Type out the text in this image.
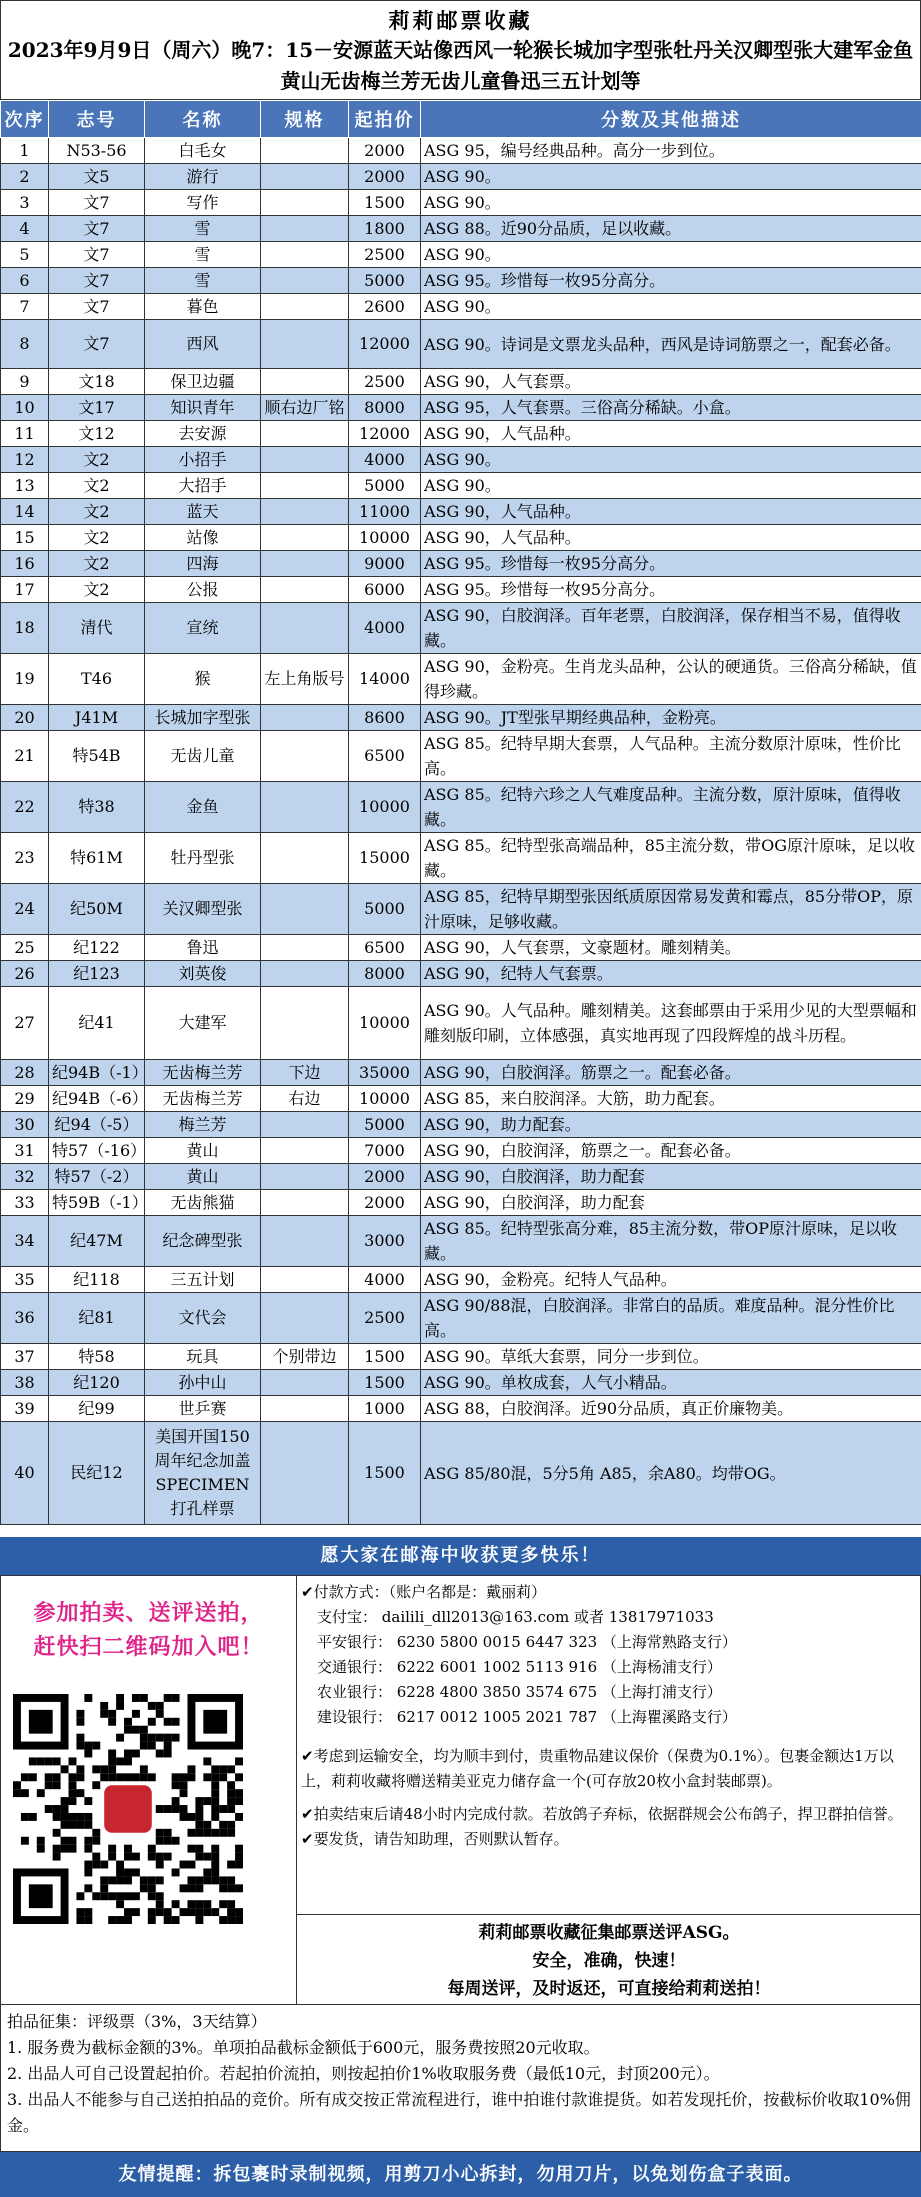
莉莉邮票收藏
2023年9月9日（周六）晚7：15－安源蓝天站像西风一轮猴长城加字型张牡丹关汉卿型张大建军金鱼黄山无齿梅兰芳无齿儿童鲁迅三五计划等
次序	志号	名称	规格	起拍价	分数及其他描述
1	N53-56	白毛女		2000	ASG 95，编号经典品种。高分一步到位。
2	文5	游行		2000	ASG 90。
3	文7	写作		1500	ASG 90。
4	文7	雪		1800	ASG 88。近90分品质，足以收藏。
5	文7	雪		2500	ASG 90。
6	文7	雪		5000	ASG 95。珍惜每一枚95分高分。
7	文7	暮色		2600	ASG 90。
8	文7	西风		12000	ASG 90。诗词是文票龙头品种，西风是诗词筋票之一，配套必备。
9	文18	保卫边疆		2500	ASG 90，人气套票。
10	文17	知识青年	顺右边厂铭	8000	ASG 95，人气套票。三俗高分稀缺。小盒。
11	文12	去安源		12000	ASG 90，人气品种。
12	文2	小招手		4000	ASG 90。
13	文2	大招手		5000	ASG 90。
14	文2	蓝天		11000	ASG 90，人气品种。
15	文2	站像		10000	ASG 90，人气品种。
16	文2	四海		9000	ASG 95。珍惜每一枚95分高分。
17	文2	公报		6000	ASG 95。珍惜每一枚95分高分。
18	清代	宣统		4000	ASG 90，白胶润泽。百年老票，白胶润泽，保存相当不易，值得收藏。
19	T46	猴	左上角版号	14000	ASG 90，金粉亮。生肖龙头品种，公认的硬通货。三俗高分稀缺，值得珍藏。
20	J41M	长城加字型张		8600	ASG 90。JT型张早期经典品种，金粉亮。
21	特54B	无齿儿童		6500	ASG 85。纪特早期大套票，人气品种。主流分数原汁原味，性价比高。
22	特38	金鱼		10000	ASG 85。纪特六珍之人气难度品种。主流分数，原汁原味，值得收藏。
23	特61M	牡丹型张		15000	ASG 85。纪特型张高端品种，85主流分数，带OG原汁原味，足以收藏。
24	纪50M	关汉卿型张		5000	ASG 85，纪特早期型张因纸质原因常易发黄和霉点，85分带OP，原汁原味，足够收藏。
25	纪122	鲁迅		6500	ASG 90，人气套票，文豪题材。雕刻精美。
26	纪123	刘英俊		8000	ASG 90，纪特人气套票。
27	纪41	大建军		10000	ASG 90。人气品种。雕刻精美。这套邮票由于采用少见的大型票幅和雕刻版印刷，立体感强，真实地再现了四段辉煌的战斗历程。
28	纪94B（-1）	无齿梅兰芳	下边	35000	ASG 90，白胶润泽。筋票之一。配套必备。
29	纪94B（-6）	无齿梅兰芳	右边	10000	ASG 85，来白胶润泽。大筋，助力配套。
30	纪94（-5）	梅兰芳		5000	ASG 90，助力配套。
31	特57（-16）	黄山		7000	ASG 90，白胶润泽，筋票之一。配套必备。
32	特57（-2）	黄山		2000	ASG 90，白胶润泽，助力配套
33	特59B（-1）	无齿熊猫		2000	ASG 90，白胶润泽，助力配套
34	纪47M	纪念碑型张		3000	ASG 85。纪特型张高分难，85主流分数，带OP原汁原味，足以收藏。
35	纪118	三五计划		4000	ASG 90，金粉亮。纪特人气品种。
36	纪81	文代会		2500	ASG 90/88混，白胶润泽。非常白的品质。难度品种。混分性价比高。
37	特58	玩具	个别带边	1500	ASG 90。草纸大套票，同分一步到位。
38	纪120	孙中山		1500	ASG 90。单枚成套，人气小精品。
39	纪99	世乒赛		1000	ASG 88，白胶润泽。近90分品质，真正价廉物美。
40	民纪12	美国开国150周年纪念加盖SPECIMEN打孔样票		1500	ASG 85/80混，5分5角 A85，余A80。均带OG。
愿大家在邮海中收获更多快乐！
参加拍卖、送评送拍，
赶快扫二维码加入吧！
✔付款方式：（账户名都是：戴丽莉）
支付宝： dailili_dll2013@163.com 或者 13817971033
平安银行： 6230 5800 0015 6447 323 （上海常熟路支行）
交通银行： 6222 6001 1002 5113 916 （上海杨浦支行）
农业银行： 6228 4800 3850 3574 675 （上海打浦支行）
建设银行： 6217 0012 1005 2021 787 （上海瞿溪路支行）
✔考虑到运输安全，均为顺丰到付，贵重物品建议保价（保费为0.1%）。包裹金额达1万以上，莉莉收藏将赠送精美亚克力储存盒一个(可存放20枚小盒封装邮票)。
✔拍卖结束后请48小时内完成付款。若放鸽子弃标，依据群规会公布鸽子，捍卫群拍信誉。
✔要发货，请告知助理，否则默认暂存。
莉莉邮票收藏征集邮票送评ASG。
安全，准确，快速！
每周送评，及时返还，可直接给莉莉送拍！
拍品征集：评级票（3%，3天结算）
1. 服务费为截标金额的3%。单项拍品截标金额低于600元，服务费按照20元收取。
2. 出品人可自己设置起拍价。若起拍价流拍，则按起拍价1%收取服务费（最低10元，封顶200元）。
3. 出品人不能参与自己送拍拍品的竞价。所有成交按正常流程进行，谁中拍谁付款谁提货。如若发现托价，按截标价收取10%佣金。
友情提醒：拆包裹时录制视频，用剪刀小心拆封，勿用刀片，以免划伤盒子表面。
